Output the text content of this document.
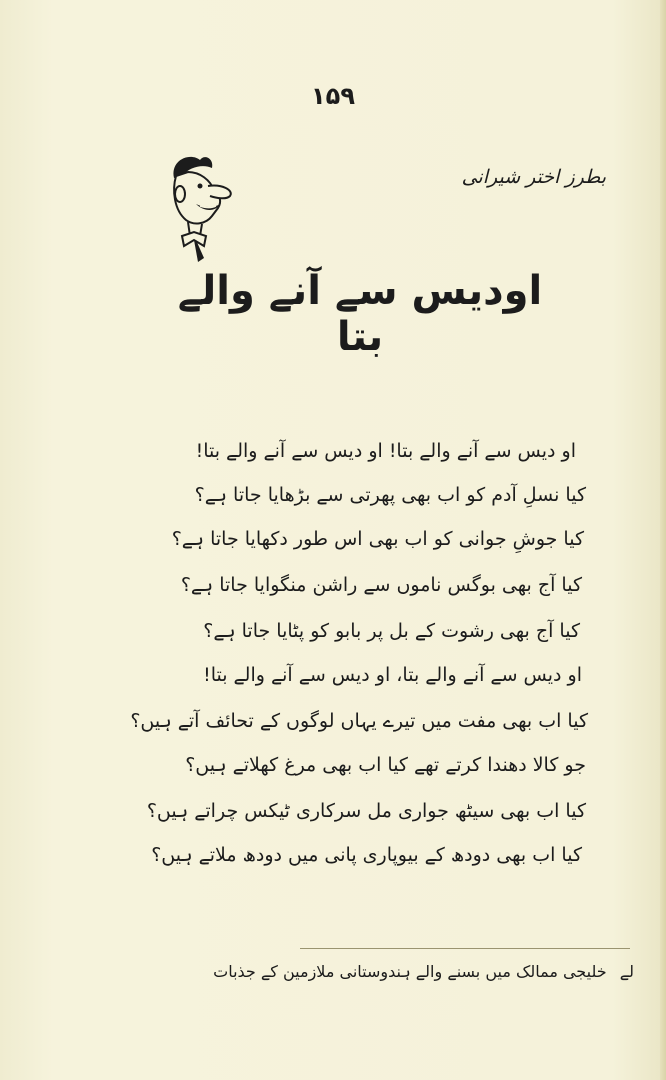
۱۵۹
بطرز اختر شیرانی
اودیس سے آنے والے بتا
او دیس سے آنے والے بتا! او دیس سے آنے والے بتا!
کیا نسلِ آدم کو اب بھی پھرتی سے بڑھایا جاتا ہے؟
کیا جوشِ جوانی کو اب بھی اس طور دکھایا جاتا ہے؟
کیا آج بھی بوگس ناموں سے راشن منگوایا جاتا ہے؟
کیا آج بھی رشوت کے بل پر بابو کو پٹایا جاتا ہے؟
او دیس سے آنے والے بتا، او دیس سے آنے والے بتا!
کیا اب بھی مفت میں تیرے یہاں لوگوں کے تحائف آتے ہیں؟
جو کالا دھندا کرتے تھے کیا اب بھی مرغ کھلاتے ہیں؟
کیا اب بھی سیٹھ جواری مل سرکاری ٹیکس چراتے ہیں؟
کیا اب بھی دودھ کے بیوپاری پانی میں دودھ ملاتے ہیں؟
لے خلیجی ممالک میں بسنے والے ہندوستانی ملازمین کے جذبات
